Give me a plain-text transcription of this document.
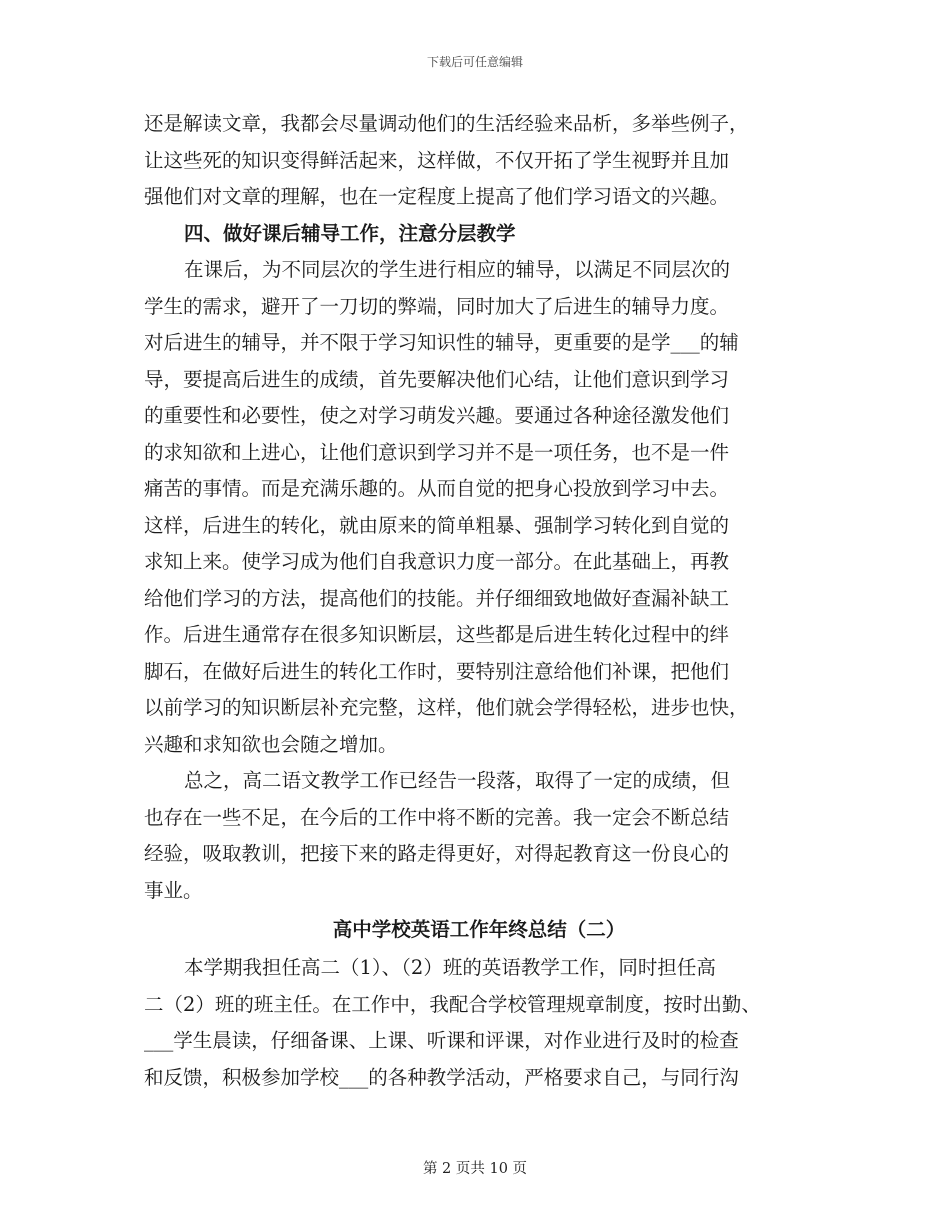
下载后可任意编辑
还是解读文章，我都会尽量调动他们的生活经验来品析，多举些例子，
让这些死的知识变得鲜活起来，这样做，不仅开拓了学生视野并且加
强他们对文章的理解，也在一定程度上提高了他们学习语文的兴趣。
四、做好课后辅导工作，注意分层教学
在课后，为不同层次的学生进行相应的辅导，以满足不同层次的
学生的需求，避开了一刀切的弊端，同时加大了后进生的辅导力度。
对后进生的辅导，并不限于学习知识性的辅导，更重要的是学___的辅
导，要提高后进生的成绩，首先要解决他们心结，让他们意识到学习
的重要性和必要性，使之对学习萌发兴趣。要通过各种途径激发他们
的求知欲和上进心，让他们意识到学习并不是一项任务，也不是一件
痛苦的事情。而是充满乐趣的。从而自觉的把身心投放到学习中去。
这样，后进生的转化，就由原来的简单粗暴、强制学习转化到自觉的
求知上来。使学习成为他们自我意识力度一部分。在此基础上，再教
给他们学习的方法，提高他们的技能。并仔细细致地做好查漏补缺工
作。后进生通常存在很多知识断层，这些都是后进生转化过程中的绊
脚石，在做好后进生的转化工作时，要特别注意给他们补课，把他们
以前学习的知识断层补充完整，这样，他们就会学得轻松，进步也快，
兴趣和求知欲也会随之增加。
总之，高二语文教学工作已经告一段落，取得了一定的成绩，但
也存在一些不足，在今后的工作中将不断的完善。我一定会不断总结
经验，吸取教训，把接下来的路走得更好，对得起教育这一份良心的
事业。
高中学校英语工作年终总结（二）
本学期我担任高二（1）、（2）班的英语教学工作，同时担任高
二（2）班的班主任。在工作中，我配合学校管理规章制度，按时出勤、
___学生晨读，仔细备课、上课、听课和评课，对作业进行及时的检查
和反馈，积极参加学校___的各种教学活动，严格要求自己，与同行沟
第 2 页共 10 页
